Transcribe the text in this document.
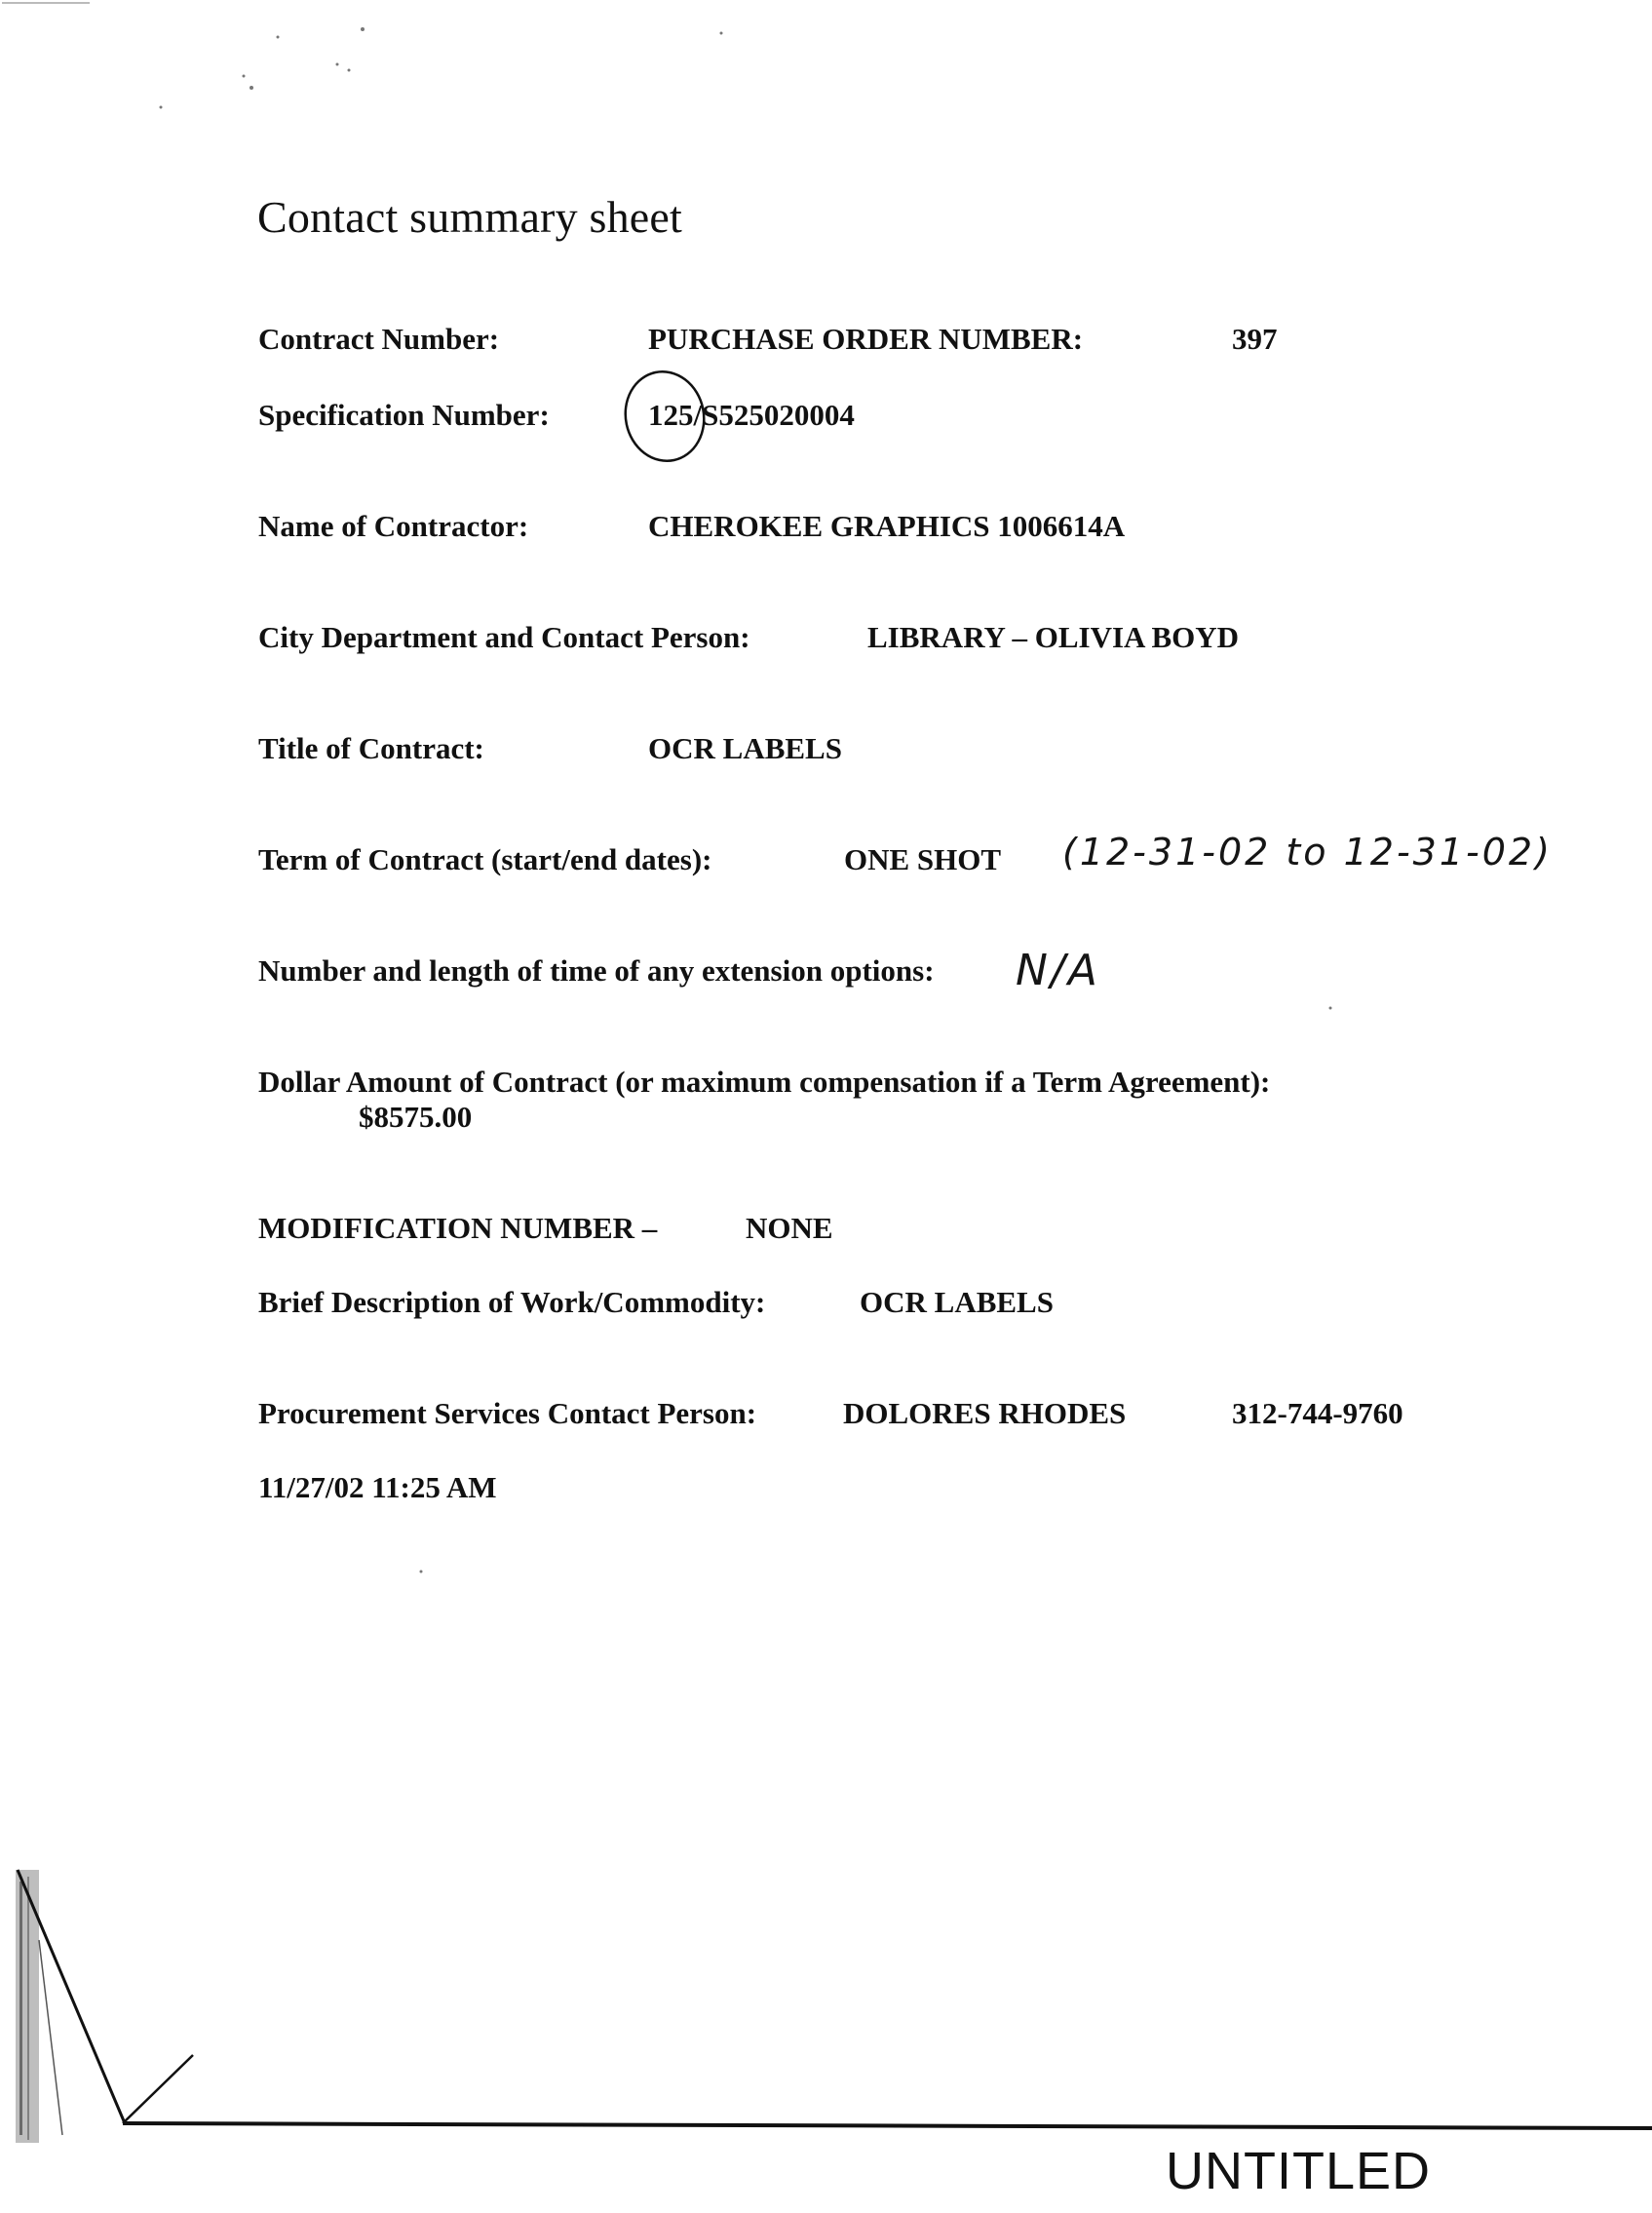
Contact summary sheet
Contract Number:	PURCHASE ORDER NUMBER:	397
Specification Number:	125/S525020004
Name of Contractor:	CHEROKEE GRAPHICS 1006614A
City Department and Contact Person:	LIBRARY – OLIVIA BOYD
Title of Contract:	OCR LABELS
Term of Contract (start/end dates):	ONE SHOT (12-31-02 to 12-31-02)
Number and length of time of any extension options: N/A
Dollar Amount of Contract (or maximum compensation if a Term Agreement):
$8575.00
MODIFICATION NUMBER –	NONE
Brief Description of Work/Commodity:	OCR LABELS
Procurement Services Contact Person:	DOLORES RHODES	312-744-9760
11/27/02 11:25 AM
UNTITLED
